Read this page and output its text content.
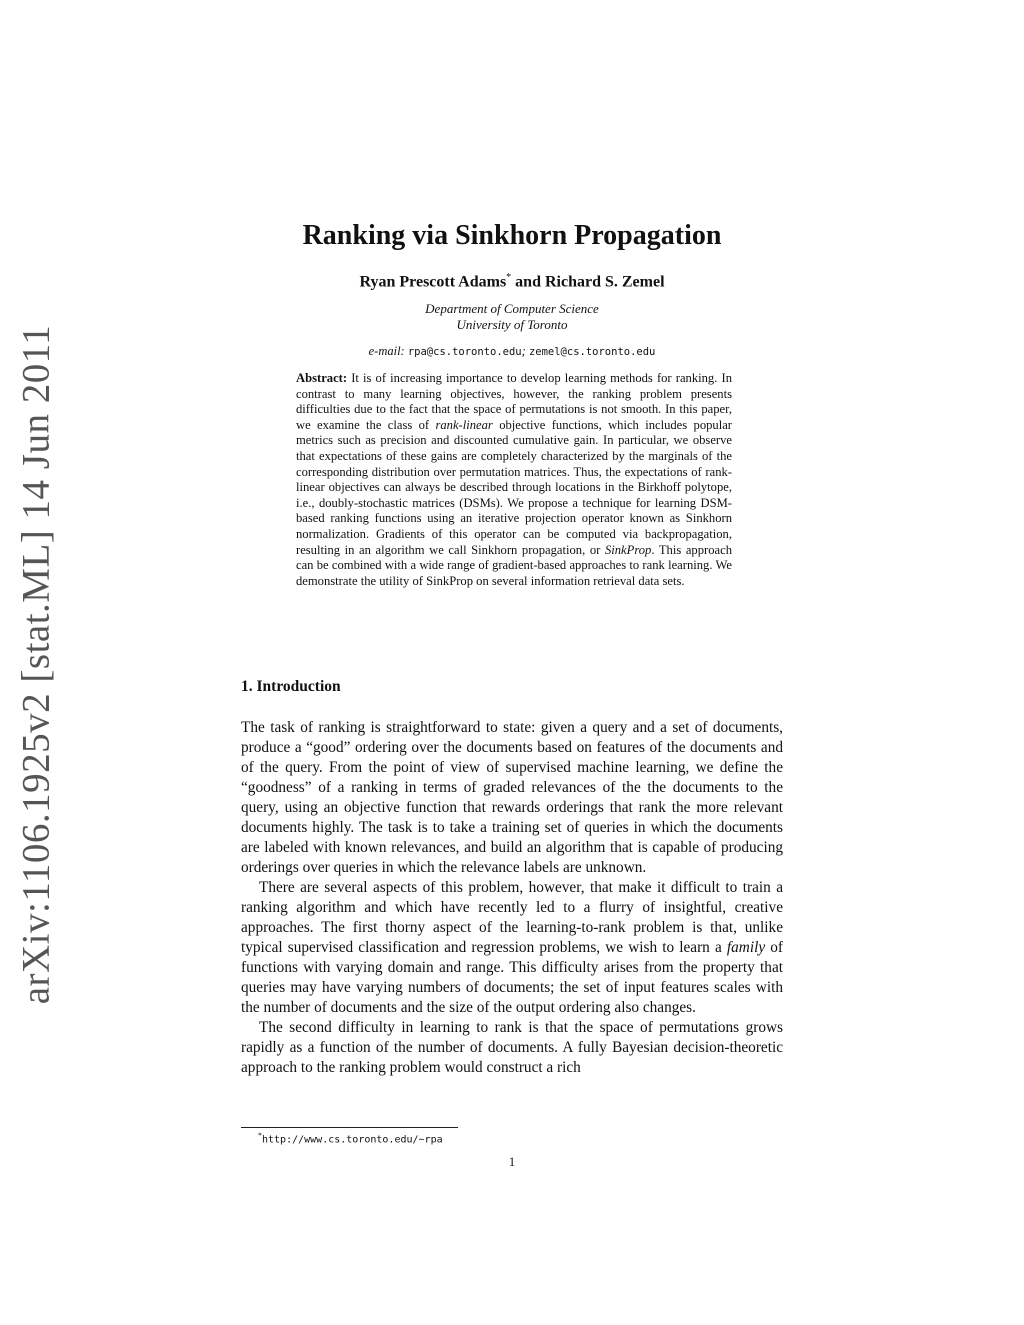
arXiv:1106.1925v2 [stat.ML] 14 Jun 2011
Ranking via Sinkhorn Propagation
Ryan Prescott Adams* and Richard S. Zemel
Department of Computer Science
University of Toronto
e-mail: rpa@cs.toronto.edu; zemel@cs.toronto.edu

Abstract: It is of increasing importance to develop learning methods for ranking. In contrast to many learning objectives, however, the ranking problem presents difficulties due to the fact that the space of permutations is not smooth. In this paper, we examine the class of rank-linear objective functions, which includes popular metrics such as precision and discounted cumulative gain. In particular, we observe that expectations of these gains are completely characterized by the marginals of the corresponding distribution over permutation matrices. Thus, the expectations of rank-linear objectives can always be described through locations in the Birkhoff polytope, i.e., doubly-stochastic matrices (DSMs). We propose a technique for learning DSM-based ranking functions using an iterative projection operator known as Sinkhorn normalization. Gradients of this operator can be computed via backpropagation, resulting in an algorithm we call Sinkhorn propagation, or SinkProp. This approach can be combined with a wide range of gradient-based approaches to rank learning. We demonstrate the utility of SinkProp on several information retrieval data sets.

1. Introduction

The task of ranking is straightforward to state: given a query and a set of documents, produce a “good” ordering over the documents based on features of the documents and of the query. From the point of view of supervised machine learning, we define the “goodness” of a ranking in terms of graded relevances of the the documents to the query, using an objective function that rewards orderings that rank the more relevant documents highly. The task is to take a training set of queries in which the documents are labeled with known relevances, and build an algorithm that is capable of producing orderings over queries in which the relevance labels are unknown.

There are several aspects of this problem, however, that make it difficult to train a ranking algorithm and which have recently led to a flurry of insightful, creative approaches. The first thorny aspect of the learning-to-rank problem is that, unlike typical supervised classification and regression problems, we wish to learn a family of functions with varying domain and range. This difficulty arises from the property that queries may have varying numbers of documents; the set of input features scales with the number of documents and the size of the output ordering also changes.

The second difficulty in learning to rank is that the space of permutations grows rapidly as a function of the number of documents. A fully Bayesian decision-theoretic approach to the ranking problem would construct a rich

*http://www.cs.toronto.edu/~rpa
1
